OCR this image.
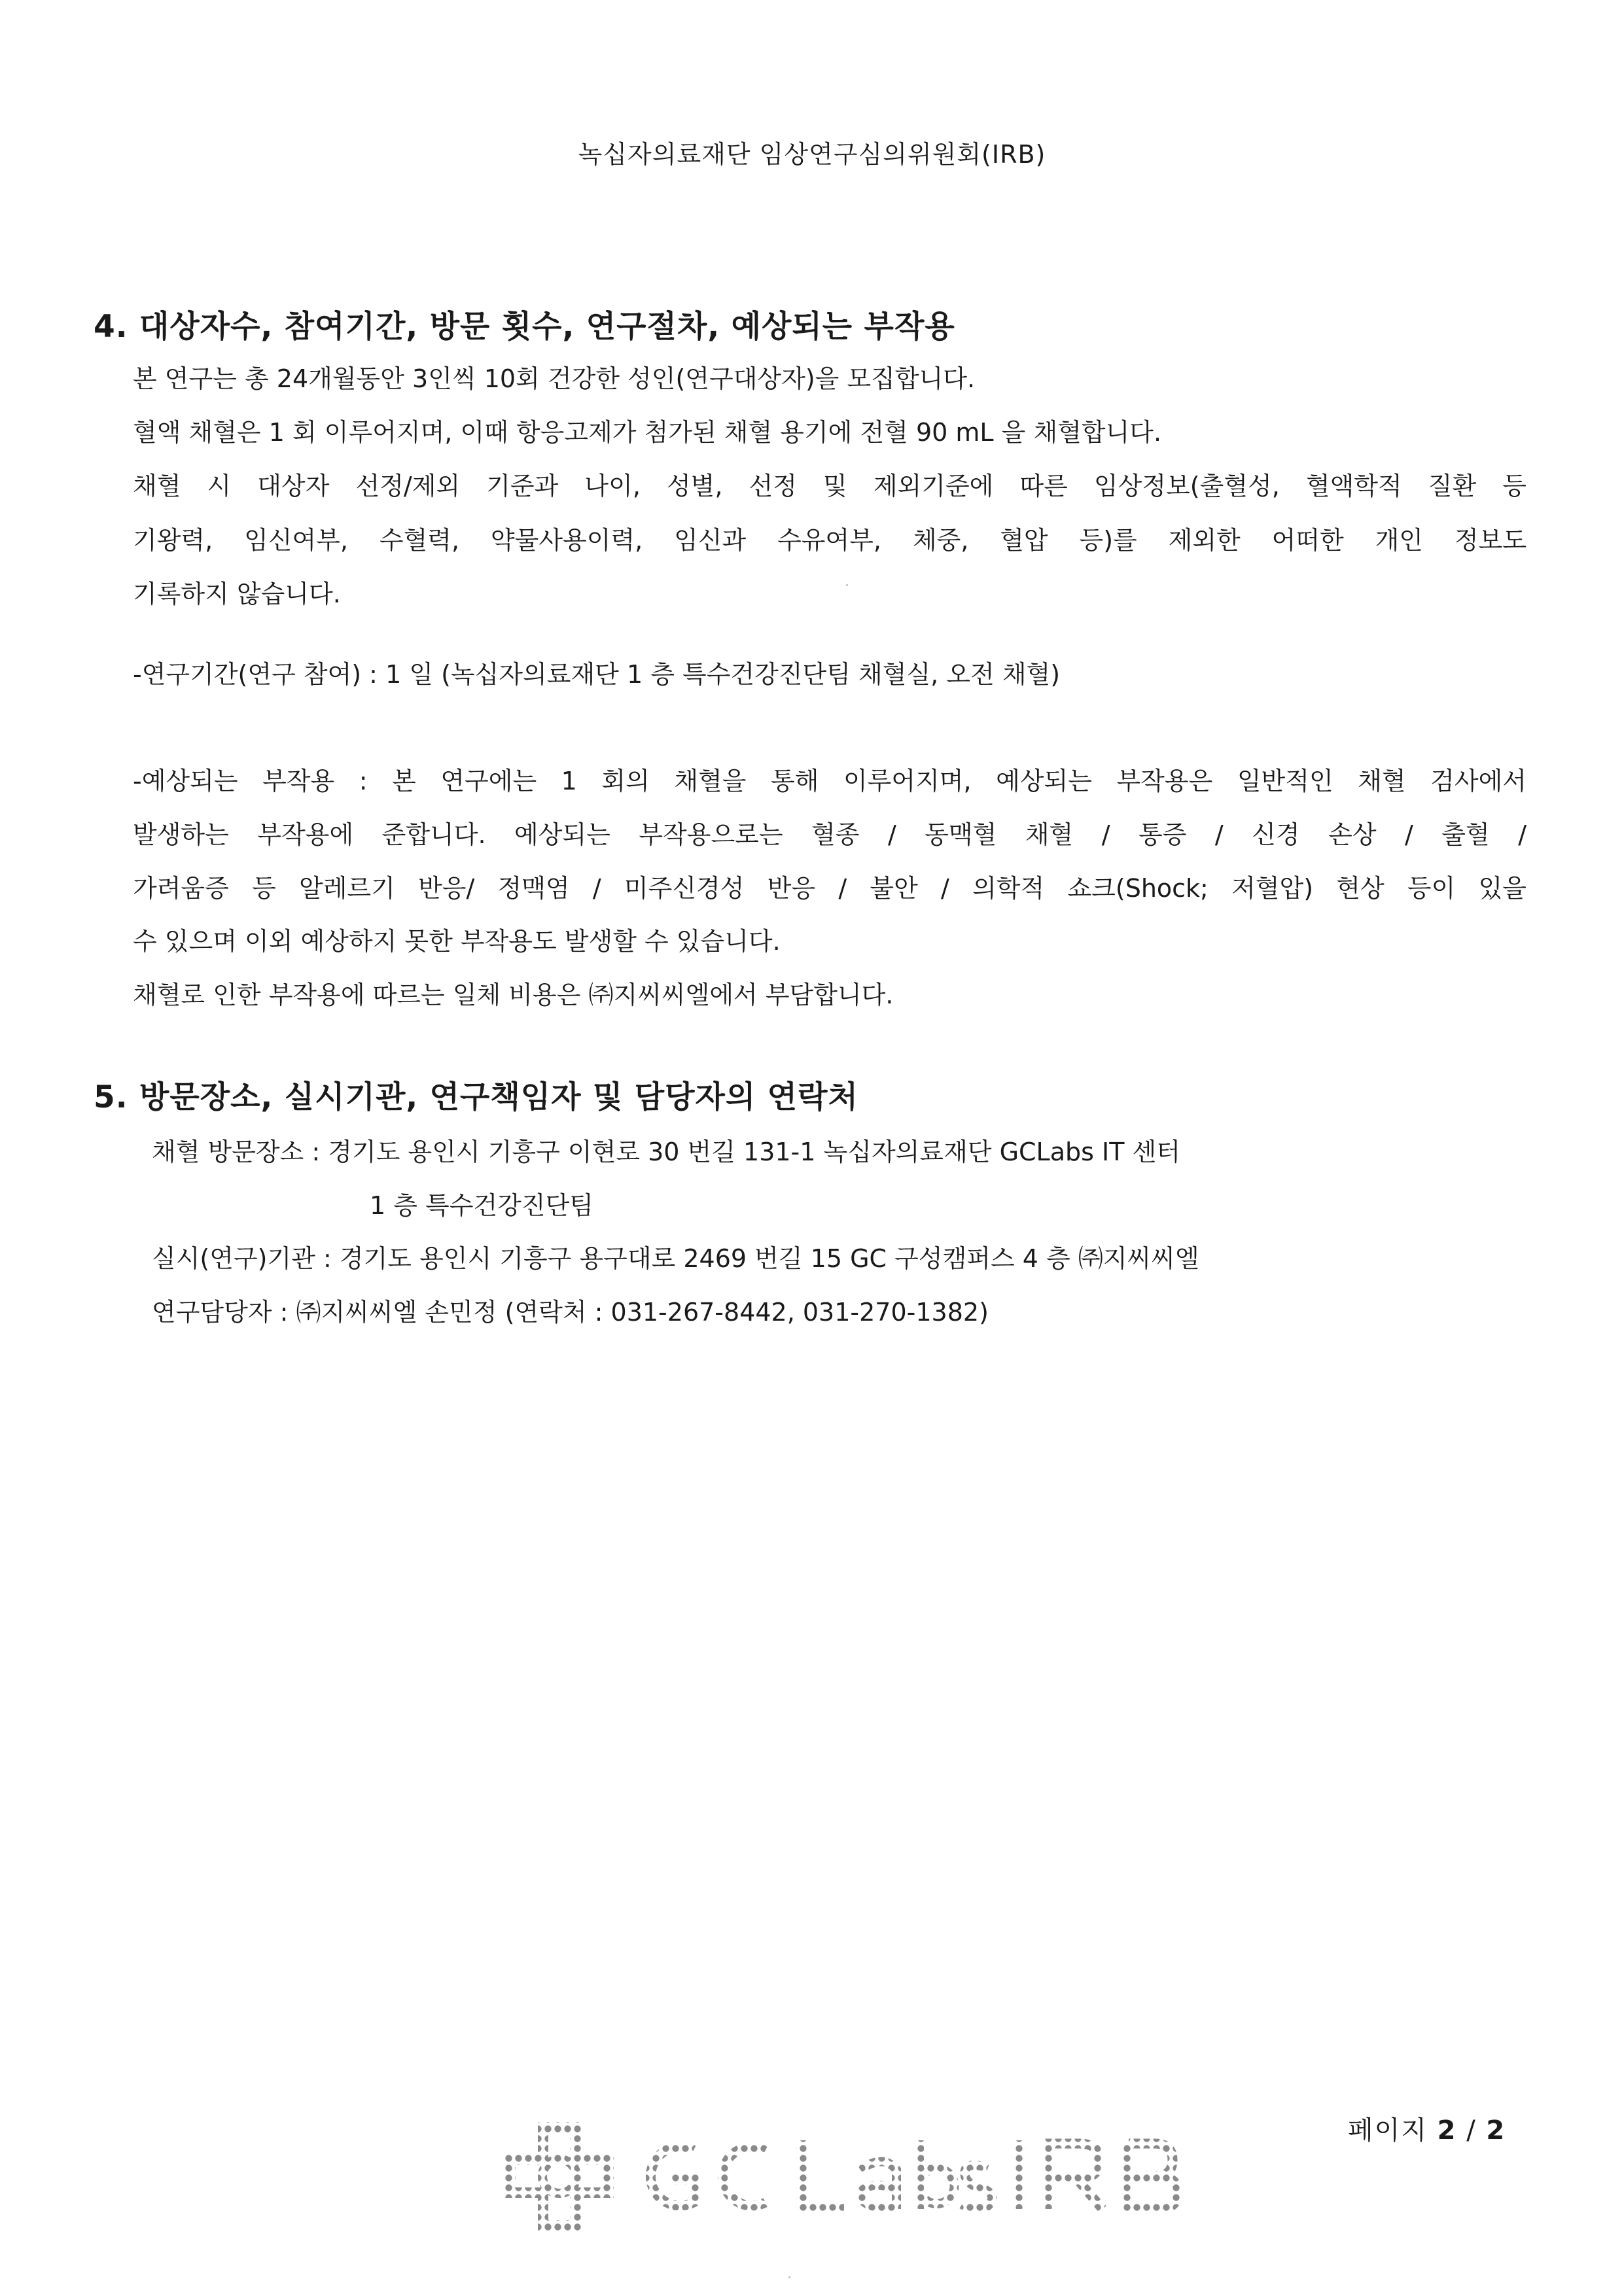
녹십자의료재단 임상연구심의위원회(IRB)
4. 대상자수, 참여기간, 방문 횟수, 연구절차, 예상되는 부작용
본 연구는 총 24개월동안 3인씩 10회 건강한 성인(연구대상자)을 모집합니다.
혈액 채혈은 1 회 이루어지며, 이때 항응고제가 첨가된 채혈 용기에 전혈 90 mL 을 채혈합니다.
채혈 시 대상자 선정/제외 기준과 나이, 성별, 선정 및 제외기준에 따른 임상정보(출혈성, 혈액학적 질환 등
기왕력, 임신여부, 수혈력, 약물사용이력, 임신과 수유여부, 체중, 혈압 등)를 제외한 어떠한 개인 정보도
기록하지 않습니다.
-연구기간(연구 참여) : 1 일 (녹십자의료재단 1 층 특수건강진단팀 채혈실, 오전 채혈)
-예상되는 부작용 : 본 연구에는 1 회의 채혈을 통해 이루어지며, 예상되는 부작용은 일반적인 채혈 검사에서
발생하는 부작용에 준합니다. 예상되는 부작용으로는 혈종 / 동맥혈 채혈 / 통증 / 신경 손상 / 출혈 /
가려움증 등 알레르기 반응/ 정맥염 / 미주신경성 반응 / 불안 / 의학적 쇼크(Shock; 저혈압) 현상 등이 있을
수 있으며 이외 예상하지 못한 부작용도 발생할 수 있습니다.
채혈로 인한 부작용에 따르는 일체 비용은 ㈜지씨씨엘에서 부담합니다.
5. 방문장소, 실시기관, 연구책임자 및 담당자의 연락처
채혈 방문장소 : 경기도 용인시 기흥구 이현로 30 번길 131-1 녹십자의료재단 GCLabs IT 센터
1 층 특수건강진단팀
실시(연구)기관 : 경기도 용인시 기흥구 용구대로 2469 번길 15 GC 구성캠퍼스 4 층 ㈜지씨씨엘
연구담당자 : ㈜지씨씨엘 손민정 (연락처 : 031-267-8442, 031-270-1382)
페이지 2 / 2
